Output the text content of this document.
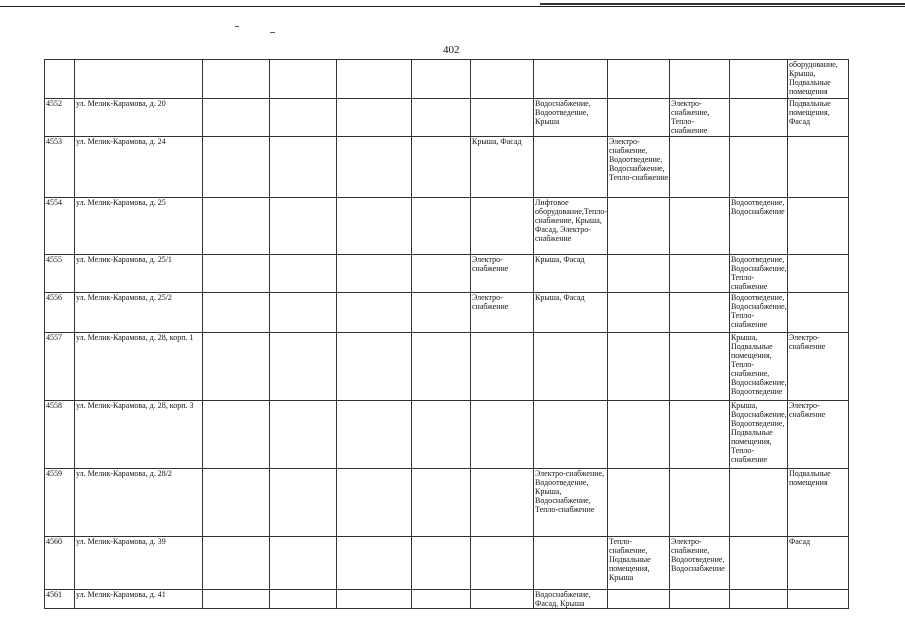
402
											оборудование, Крыша, Подвальные помещения
4552	ул. Мелик-Карамова, д. 20						Водоснабжение, Водоотведение, Крыша		Электро-снабжение, Тепло-снабжение		Подвальные помещения, Фасад
4553	ул. Мелик-Карамова, д. 24					Крыша, Фасад		Электро-снабжение, Водоотведение, Водоснабжение, Тепло-снабжение			
4554	ул. Мелик-Карамова, д. 25						Лифтовое оборудование,Тепло-снабжение, Крыша, Фасад, Электро-снабжение			Водоотведение, Водоснабжение	
4555	ул. Мелик-Карамова, д. 25/1					Электро-снабжение	Крыша, Фасад			Водоотведение, Водоснабжение, Тепло-снабжение	
4556	ул. Мелик-Карамова, д. 25/2					Электро-снабжение	Крыша, Фасад			Водоотведение, Водоснабжение, Тепло-снабжение	
4557	ул. Мелик-Карамова, д. 28, корп. 1									Крыша, Подвальные помещения, Тепло-снабжение, Водоснабжение, Водоотведение	Электро-снабжение
4558	ул. Мелик-Карамова, д. 28, корп. 3									Крыша, Водоснабжение, Водоотведение, Подвальные помещения, Тепло-снабжение	Электро-снабжение
4559	ул. Мелик-Карамова, д. 28/2						Электро-снабжение, Водоотведение, Крыша, Водоснабжение, Тепло-снабжение				Подвальные помещения
4560	ул. Мелик-Карамова, д. 39							Тепло-снабжение, Подвальные помещения, Крыша	Электро-снабжение, Водоотведение, Водоснабжение		Фасад
4561	ул. Мелик-Карамова, д. 41						Водоснабжение, Фасад, Крыша				
